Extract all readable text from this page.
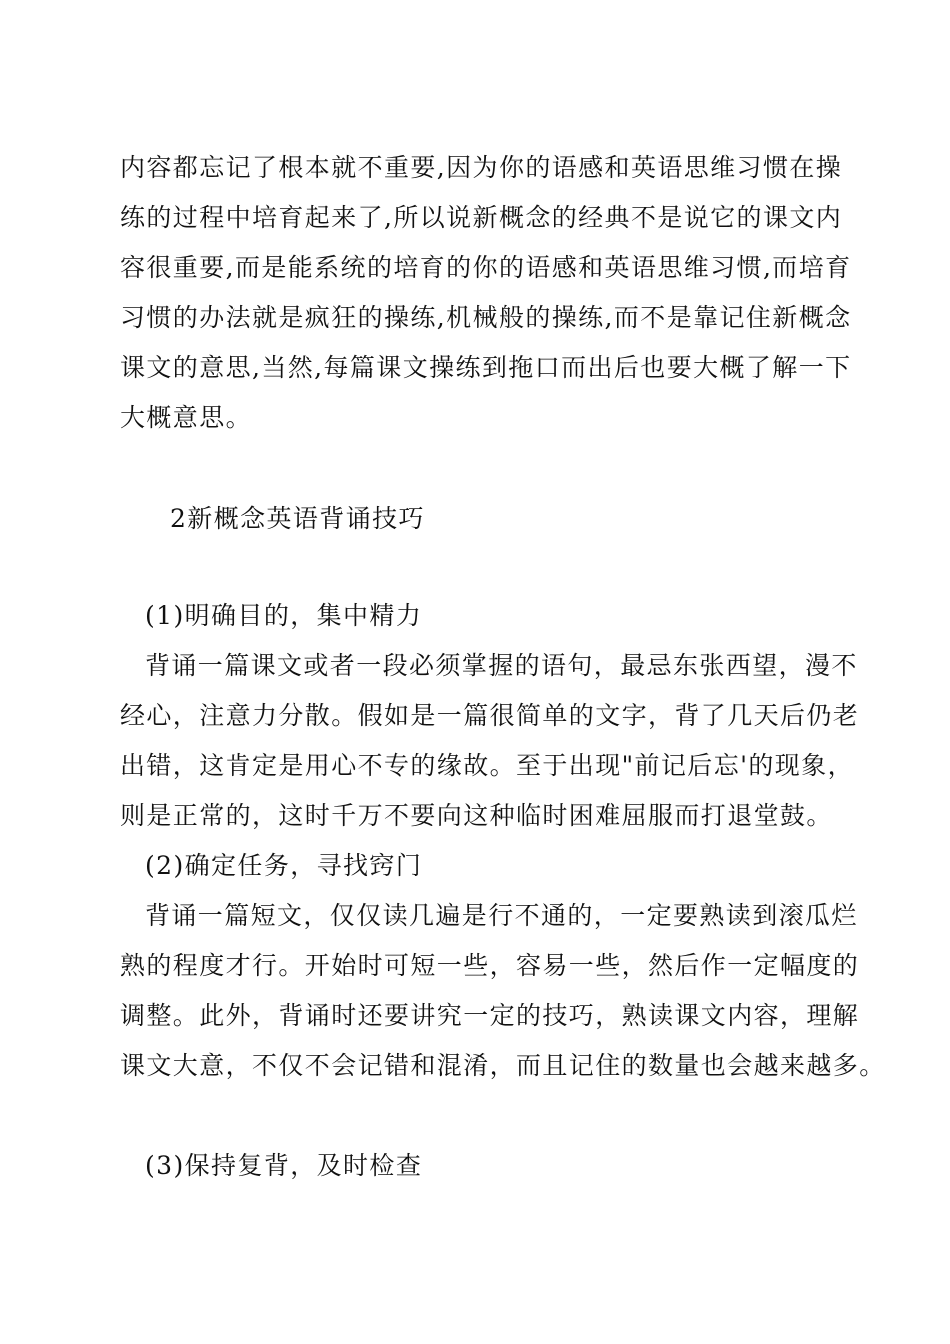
内容都忘记了根本就不重要,因为你的语感和英语思维习惯在操
练的过程中培育起来了,所以说新概念的经典不是说它的课文内
容很重要,而是能系统的培育的你的语感和英语思维习惯,而培育
习惯的办法就是疯狂的操练,机械般的操练,而不是靠记住新概念
课文的意思,当然,每篇课文操练到拖口而出后也要大概了解一下
大概意思。
2新概念英语背诵技巧
(1)明确目的，集中精力
背诵一篇课文或者一段必须掌握的语句，最忌东张西望，漫不
经心，注意力分散。假如是一篇很简单的文字，背了几天后仍老
出错，这肯定是用心不专的缘故。至于出现"前记后忘'的现象，
则是正常的，这时千万不要向这种临时困难屈服而打退堂鼓。
(2)确定任务，寻找窍门
背诵一篇短文，仅仅读几遍是行不通的，一定要熟读到滚瓜烂
熟的程度才行。开始时可短一些，容易一些，然后作一定幅度的
调整。此外，背诵时还要讲究一定的技巧，熟读课文内容，理解
课文大意，不仅不会记错和混淆，而且记住的数量也会越来越多。
(3)保持复背，及时检查
